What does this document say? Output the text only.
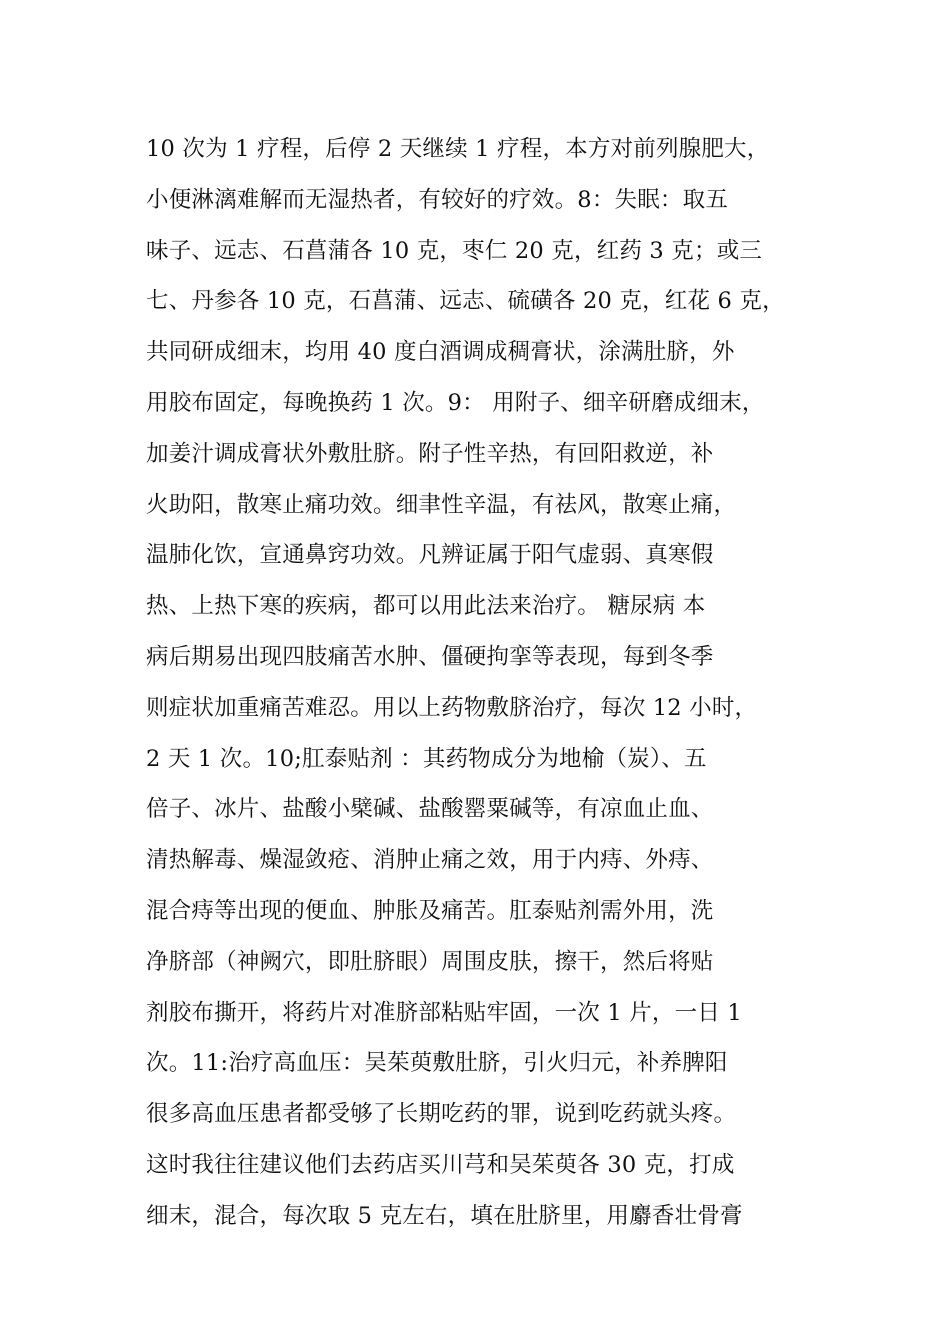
10 次为 1 疗程，后停 2 天继续 1 疗程，本方对前列腺肥大，
小便淋漓难解而无湿热者，有较好的疗效。8：失眠：取五
味子、远志、石菖蒲各 10 克，枣仁 20 克，红药 3 克；或三
七、丹参各 10 克，石菖蒲、远志、硫磺各 20 克，红花 6 克，
共同研成细末，均用 40 度白酒调成稠膏状，涂满肚脐，外
用胶布固定，每晚换药 1 次。9： 用附子、细辛研磨成细末，
加姜汁调成膏状外敷肚脐。附子性辛热，有回阳救逆，补
火助阳，散寒止痛功效。细聿性辛温，有祛风，散寒止痛，
温肺化饮，宣通鼻窍功效。凡辨证属于阳气虚弱、真寒假
热、上热下寒的疾病，都可以用此法来治疗。 糖尿病 本
病后期易出现四肢痛苦水肿、僵硬拘挛等表现，每到冬季
则症状加重痛苦难忍。用以上药物敷脐治疗，每次 12 小时，
2 天 1 次。10;肛泰贴剂 ：其药物成分为地榆（炭）、五
倍子、冰片、盐酸小檗碱、盐酸罂粟碱等，有凉血止血、
清热解毒、燥湿敛疮、消肿止痛之效，用于内痔、外痔、
混合痔等出现的便血、肿胀及痛苦。肛泰贴剂需外用，洗
净脐部（神阙穴，即肚脐眼）周围皮肤，擦干，然后将贴
剂胶布撕开，将药片对准脐部粘贴牢固，一次 1 片，一日 1
次。11:治疗高血压：吴茱萸敷肚脐，引火归元，补养脾阳
很多高血压患者都受够了长期吃药的罪，说到吃药就头疼。
这时我往往建议他们去药店买川芎和吴茱萸各 30 克，打成
细末，混合，每次取 5 克左右，填在肚脐里，用麝香壮骨膏
